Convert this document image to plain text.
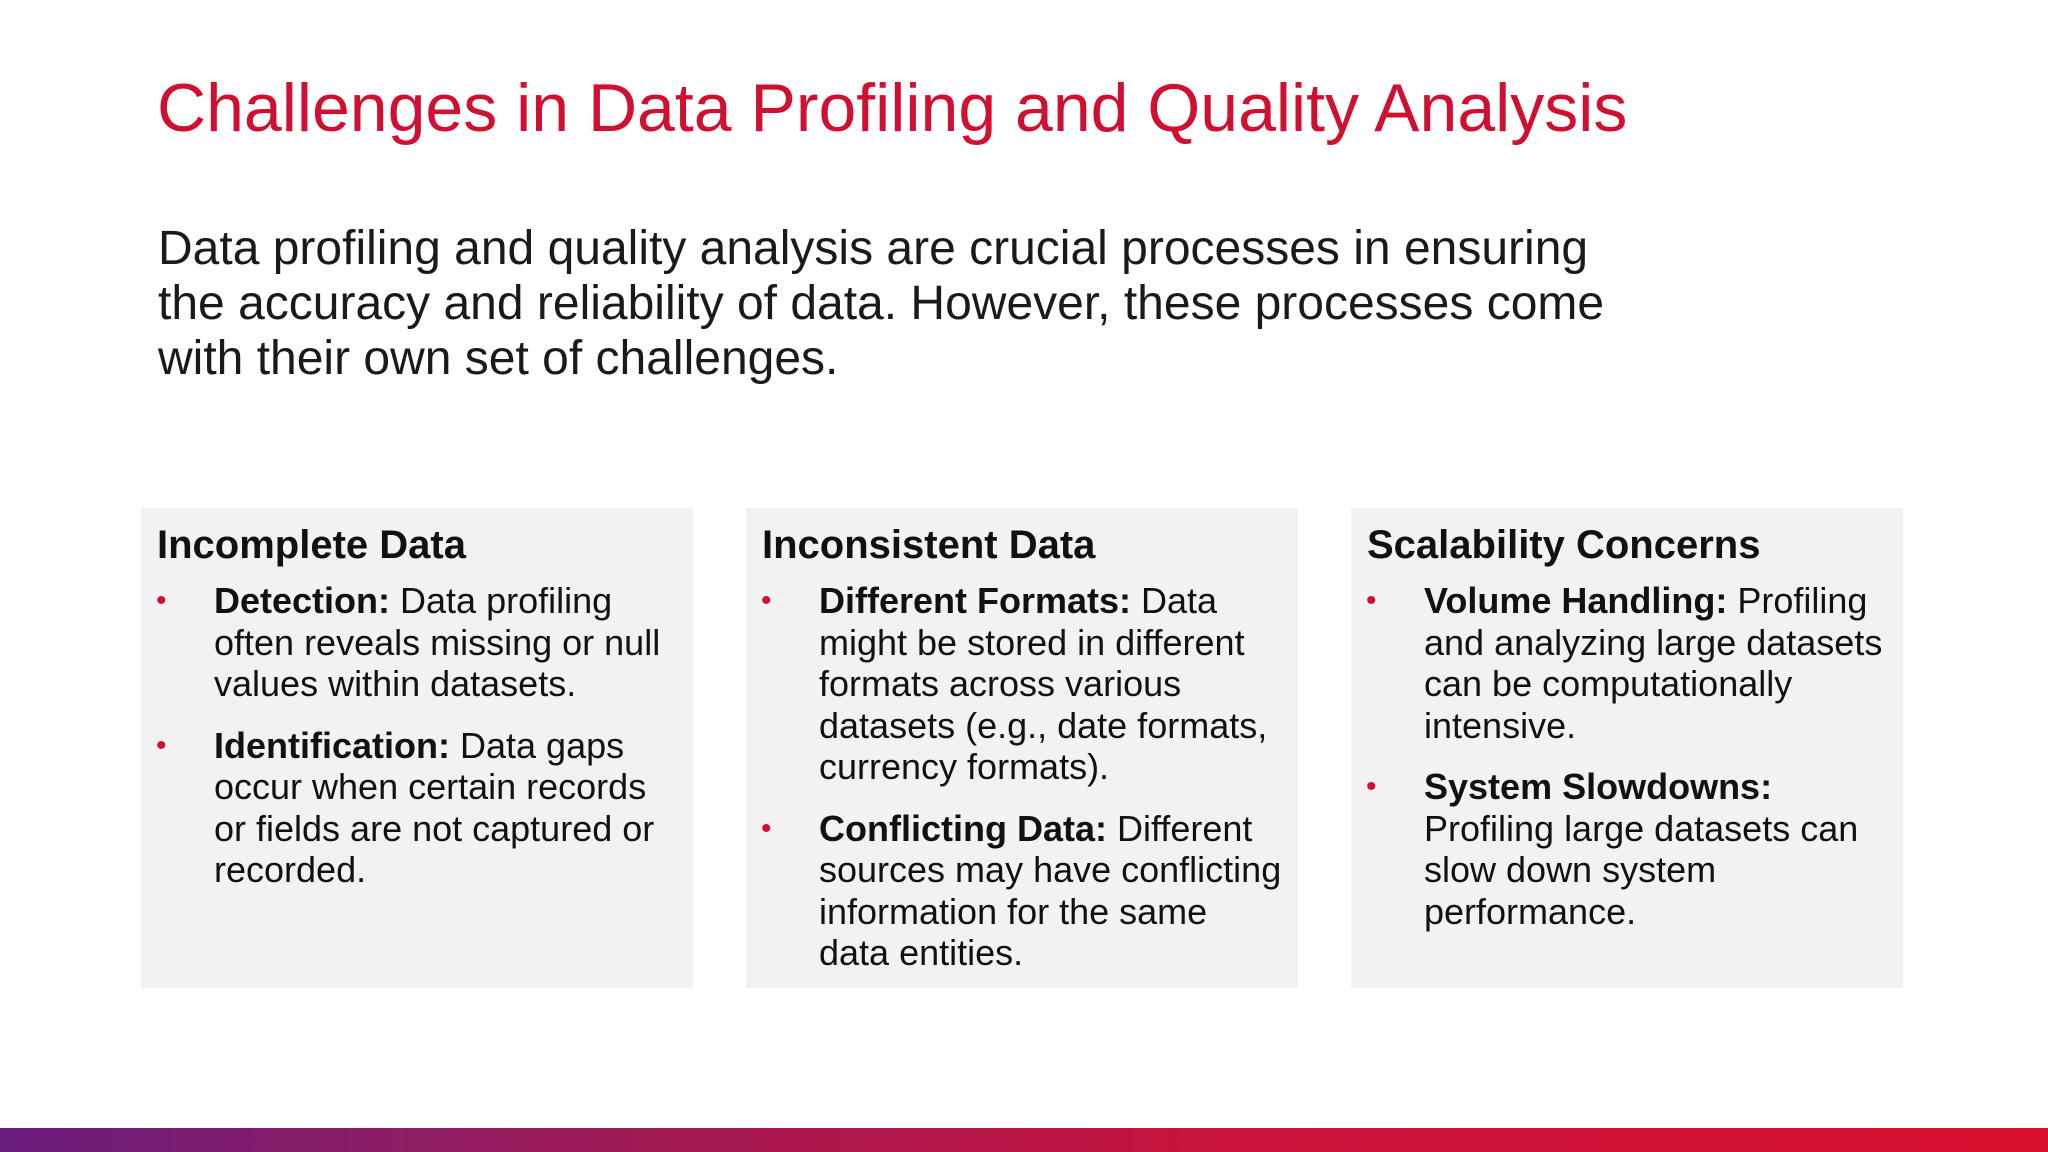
Challenges in Data Profiling and Quality Analysis

Data profiling and quality analysis are crucial processes in ensuring the accuracy and reliability of data. However, these processes come with their own set of challenges.

Incomplete Data
• Detection: Data profiling often reveals missing or null values within datasets.
• Identification: Data gaps occur when certain records or fields are not captured or recorded.
Inconsistent Data
• Different Formats: Data might be stored in different formats across various datasets (e.g., date formats, currency formats).
• Conflicting Data: Different sources may have conflicting information for the same data entities.
Scalability Concerns
• Volume Handling: Profiling and analyzing large datasets can be computationally intensive.
• System Slowdowns: Profiling large datasets can slow down system performance.
